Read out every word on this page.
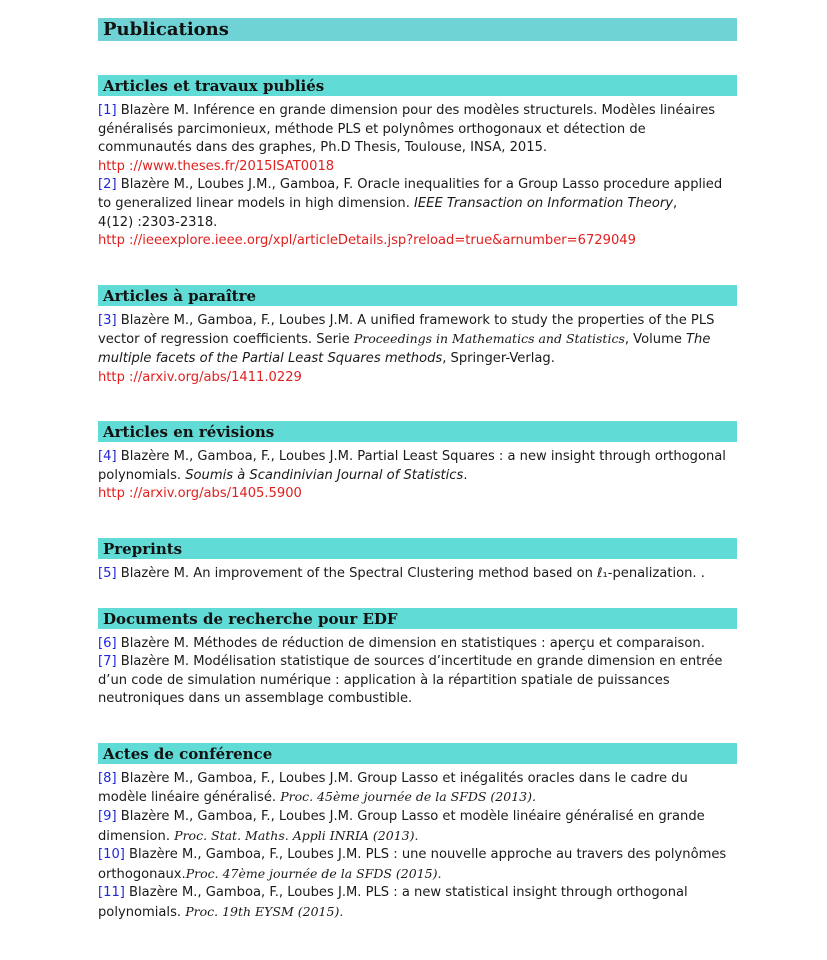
Publications
Articles et travaux publiés

[1] Blazère M. Inférence en grande dimension pour des modèles structurels. Modèles linéaires généralisés parcimonieux, méthode PLS et polynômes orthogonaux et détection de communautés dans des graphes, Ph.D Thesis, Toulouse, INSA, 2015.
http ://www.theses.fr/2015ISAT0018

[2] Blazère M., Loubes J.M., Gamboa, F. Oracle inequalities for a Group Lasso procedure applied to generalized linear models in high dimension. IEEE Transaction on Information Theory,
4(12) :2303-2318.
http ://ieeexplore.ieee.org/xpl/articleDetails.jsp?reload=true&arnumber=6729049

Articles à paraître

[3] Blazère M., Gamboa, F., Loubes J.M. A unified framework to study the properties of the PLS vector of regression coefficients. Serie Proceedings in Mathematics and Statistics, Volume The multiple facets of the Partial Least Squares methods, Springer-Verlag.
http ://arxiv.org/abs/1411.0229

Articles en révisions

[4] Blazère M., Gamboa, F., Loubes J.M. Partial Least Squares : a new insight through orthogonal polynomials. Soumis à Scandinivian Journal of Statistics.
http ://arxiv.org/abs/1405.5900

Preprints

[5] Blazère M. An improvement of the Spectral Clustering method based on ℓ₁-penalization. .

Documents de recherche pour EDF

[6] Blazère M. Méthodes de réduction de dimension en statistiques : aperçu et comparaison.

[7] Blazère M. Modélisation statistique de sources d’incertitude en grande dimension en entrée d’un code de simulation numérique : application à la répartition spatiale de puissances neutroniques dans un assemblage combustible.

Actes de conférence

[8] Blazère M., Gamboa, F., Loubes J.M. Group Lasso et inégalités oracles dans le cadre du modèle linéaire généralisé. Proc. 45ème journée de la SFDS (2013).

[9] Blazère M., Gamboa, F., Loubes J.M. Group Lasso et modèle linéaire généralisé en grande dimension. Proc. Stat. Maths. Appli INRIA (2013).

[10] Blazère M., Gamboa, F., Loubes J.M. PLS : une nouvelle approche au travers des polynômes orthogonaux.Proc. 47ème journée de la SFDS (2015).

[11] Blazère M., Gamboa, F., Loubes J.M. PLS : a new statistical insight through orthogonal polynomials. Proc. 19th EYSM (2015).
